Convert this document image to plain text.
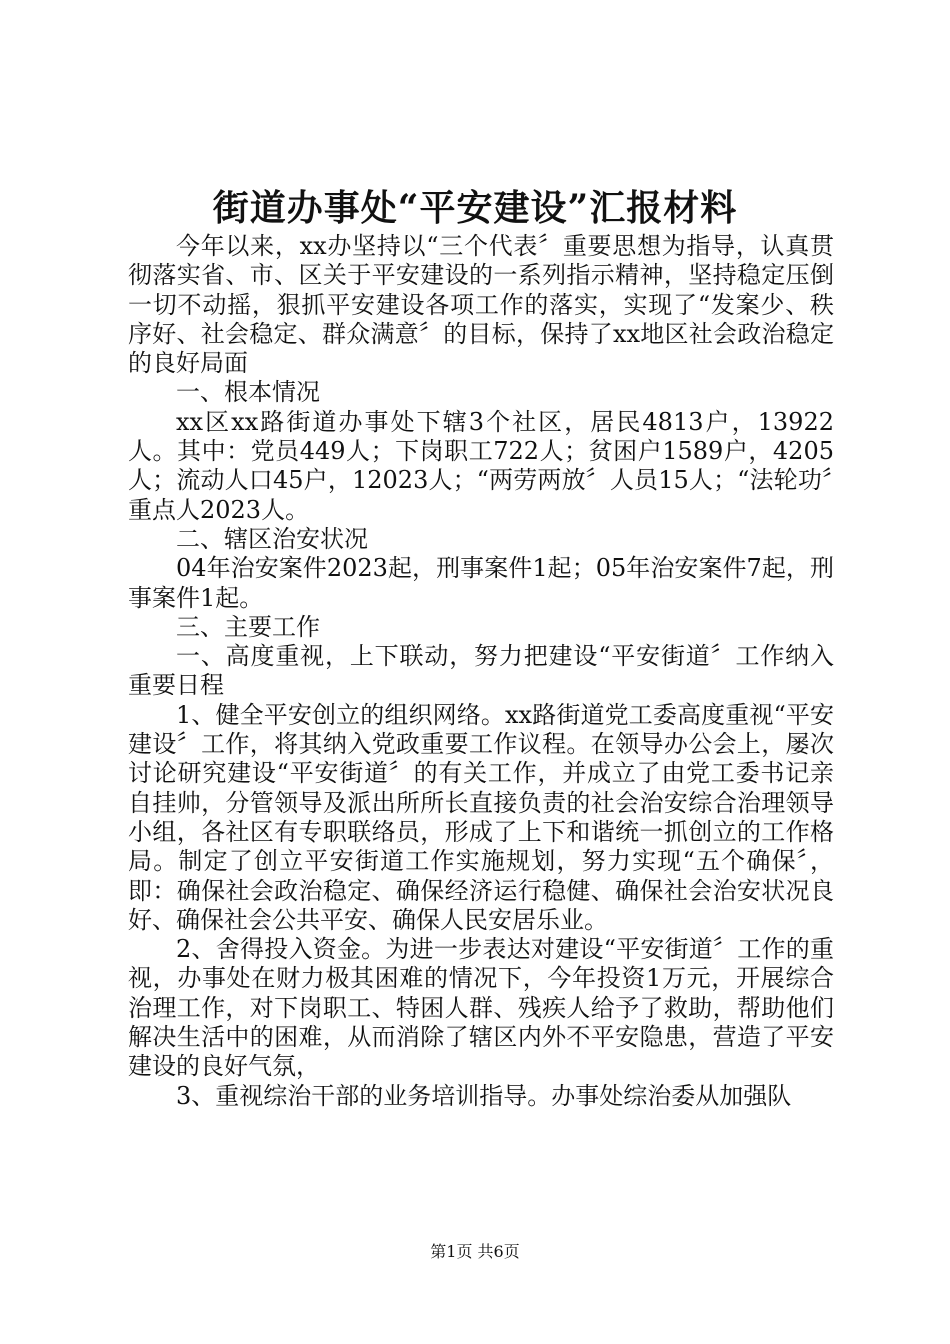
街道办事处“平安建设”汇报材料

今年以来，xx办坚持以“三个代表〞重要思想为指导，认真贯彻落实省、市、区关于平安建设的一系列指示精神，坚持稳定压倒一切不动摇，狠抓平安建设各项工作的落实，实现了“发案少、秩序好、社会稳定、群众满意〞的目标，保持了xx地区社会政治稳定的良好局面

一、根本情况

xx区xx路街道办事处下辖3个社区，居民4813户，13922人。其中：党员449人；下岗职工722人；贫困户1589户，4205人；流动人口45户，12023人；“两劳两放〞人员15人；“法轮功〞重点人2023人。

二、辖区治安状况

04年治安案件2023起，刑事案件1起；05年治安案件7起，刑事案件1起。

三、主要工作

一、高度重视，上下联动，努力把建设“平安街道〞工作纳入重要日程

1、健全平安创立的组织网络。xx路街道党工委高度重视“平安建设〞工作，将其纳入党政重要工作议程。在领导办公会上，屡次讨论研究建设“平安街道〞的有关工作，并成立了由党工委书记亲自挂帅，分管领导及派出所所长直接负责的社会治安综合治理领导小组，各社区有专职联络员，形成了上下和谐统一抓创立的工作格局。制定了创立平安街道工作实施规划，努力实现“五个确保〞，即：确保社会政治稳定、确保经济运行稳健、确保社会治安状况良好、确保社会公共平安、确保人民安居乐业。

2、舍得投入资金。为进一步表达对建设“平安街道〞工作的重视，办事处在财力极其困难的情况下，今年投资1万元，开展综合治理工作，对下岗职工、特困人群、残疾人给予了救助，帮助他们解决生活中的困难，从而消除了辖区内外不平安隐患，营造了平安建设的良好气氛，

3、重视综治干部的业务培训指导。办事处综治委从加强队

第1页 共6页
